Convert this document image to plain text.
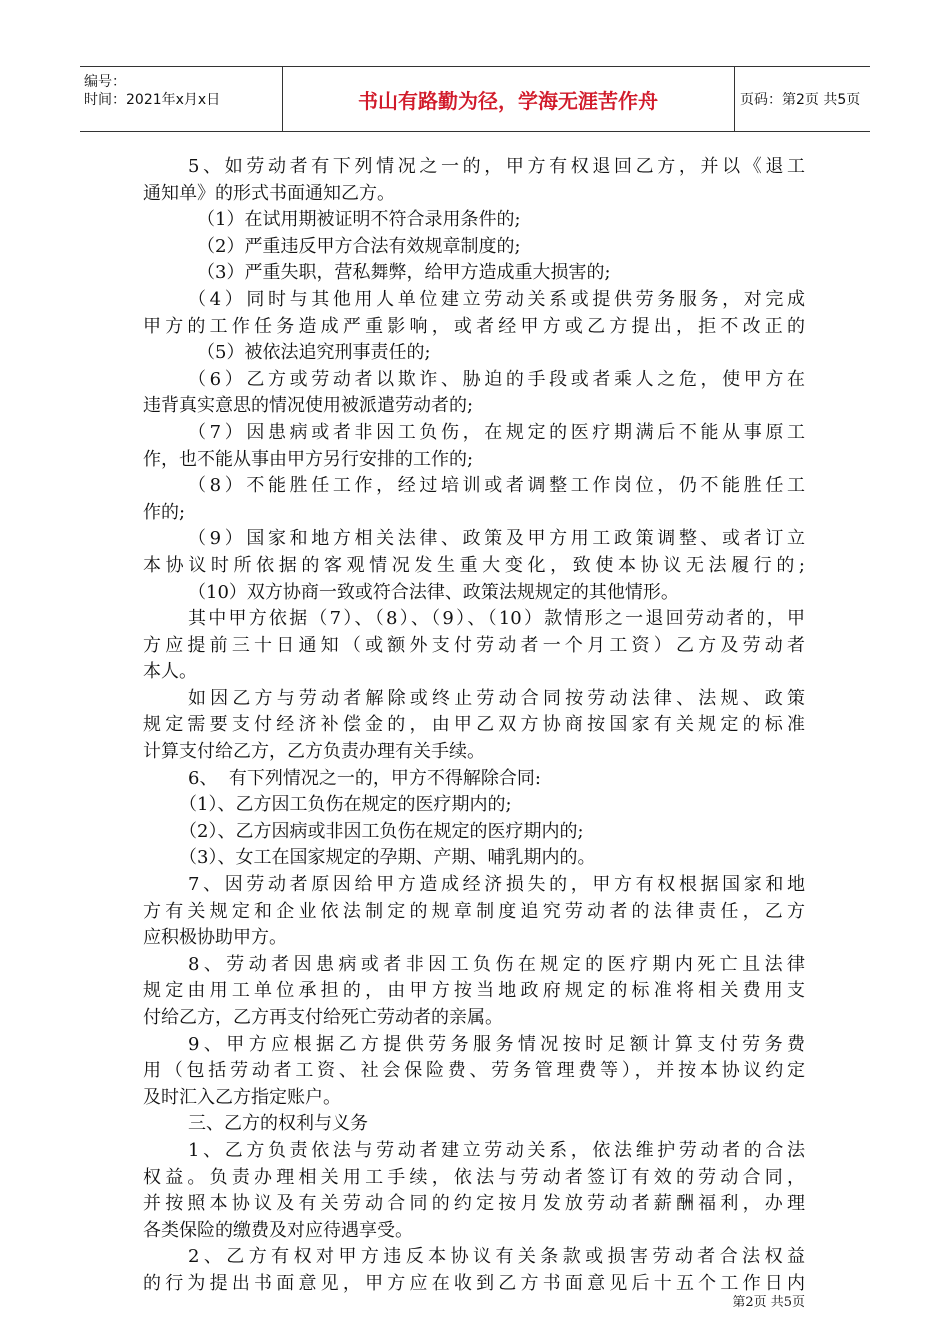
编号：
时间：2021年x月x日	书山有路勤为径，学海无涯苦作舟	页码：第2页 共5页
5、如劳动者有下列情况之一的，甲方有权退回乙方，并以《退工
通知单》的形式书面通知乙方。
（1）在试用期被证明不符合录用条件的;
（2）严重违反甲方合法有效规章制度的;
（3）严重失职，营私舞弊，给甲方造成重大损害的;
（4）同时与其他用人单位建立劳动关系或提供劳务服务，对完成
甲方的工作任务造成严重影响，或者经甲方或乙方提出，拒不改正的
（5）被依法追究刑事责任的;
（6）乙方或劳动者以欺诈、胁迫的手段或者乘人之危，使甲方在
违背真实意思的情况使用被派遣劳动者的;
（7）因患病或者非因工负伤，在规定的医疗期满后不能从事原工
作，也不能从事由甲方另行安排的工作的;
（8）不能胜任工作，经过培训或者调整工作岗位，仍不能胜任工
作的;
（9）国家和地方相关法律、政策及甲方用工政策调整、或者订立
本协议时所依据的客观情况发生重大变化，致使本协议无法履行的;
（10）双方协商一致或符合法律、政策法规规定的其他情形。
其中甲方依据（7）、（8）、（9）、（10）款情形之一退回劳动者的，甲
方应提前三十日通知（或额外支付劳动者一个月工资）乙方及劳动者
本人。
如因乙方与劳动者解除或终止劳动合同按劳动法律、法规、政策
规定需要支付经济补偿金的，由甲乙双方协商按国家有关规定的标准
计算支付给乙方，乙方负责办理有关手续。
6、  有下列情况之一的，甲方不得解除合同:
（1）、乙方因工负伤在规定的医疗期内的;
（2）、乙方因病或非因工负伤在规定的医疗期内的;
（3）、女工在国家规定的孕期、产期、哺乳期内的。
7、因劳动者原因给甲方造成经济损失的，甲方有权根据国家和地
方有关规定和企业依法制定的规章制度追究劳动者的法律责任，乙方
应积极协助甲方。
8、劳动者因患病或者非因工负伤在规定的医疗期内死亡且法律
规定由用工单位承担的，由甲方按当地政府规定的标准将相关费用支
付给乙方，乙方再支付给死亡劳动者的亲属。
9、甲方应根据乙方提供劳务服务情况按时足额计算支付劳务费
用（包括劳动者工资、社会保险费、劳务管理费等），并按本协议约定
及时汇入乙方指定账户。
三、乙方的权利与义务
1、乙方负责依法与劳动者建立劳动关系，依法维护劳动者的合法
权益。负责办理相关用工手续，依法与劳动者签订有效的劳动合同，
并按照本协议及有关劳动合同的约定按月发放劳动者薪酬福利，办理
各类保险的缴费及对应待遇享受。
2、乙方有权对甲方违反本协议有关条款或损害劳动者合法权益
的行为提出书面意见，甲方应在收到乙方书面意见后十五个工作日内
第2页 共5页
